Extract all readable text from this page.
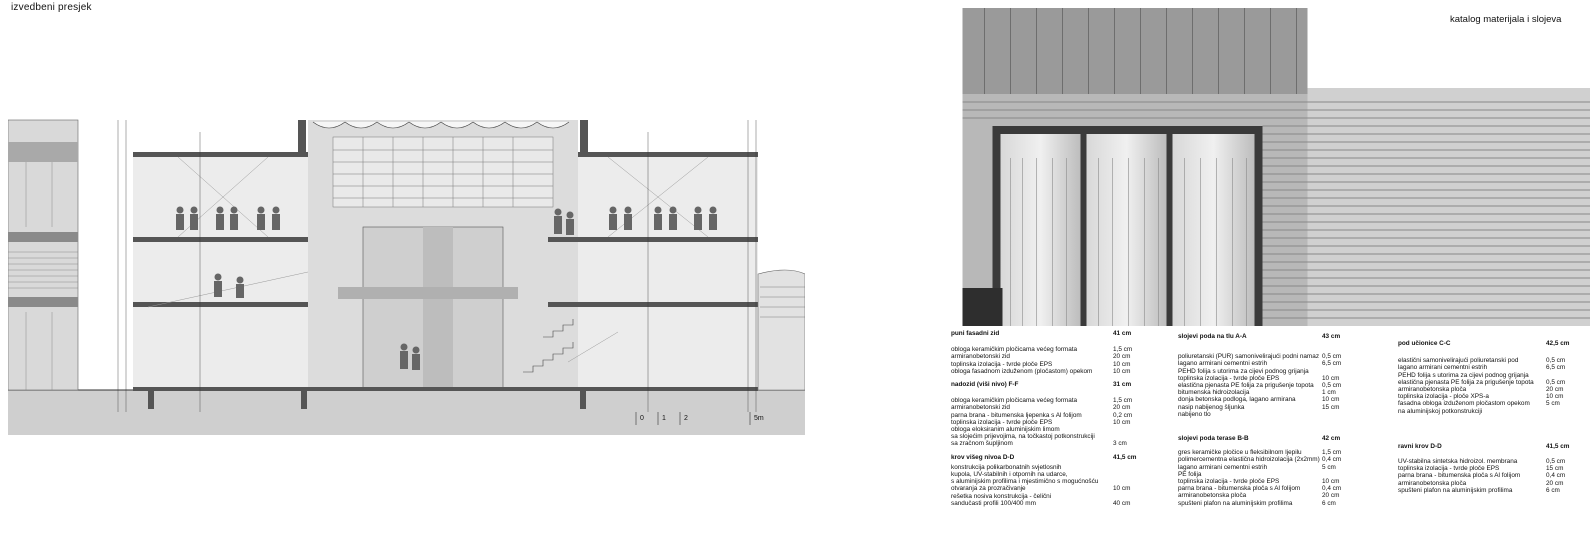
izvedbeni presjek
katalog materijala i slojeva
0	1	2	5m
puni fasadni zid	41 cm
obloga keramičkim pločicama većeg formata	1,5 cm
armiranobetonski zid	20 cm
toplinska izolacija - tvrde ploče EPS	10 cm
obloga fasadnom izduženom (pločastom) opekom	10 cm
nadozid (viši nivo) F-F	31 cm
obloga keramičkim pločicama većeg formata	1,5 cm
armiranobetonski zid	20 cm
parna brana - bitumenska ljepenka s Al folijom	0,2 cm
toplinska izolacija - tvrde ploče EPS	10 cm
obloga eloksiranim aluminijskim limom
sa slojećim prijevojima, na točkastoj potkonstrukciji
sa zračnom šupljinom	3 cm
krov višeg nivoa D-D	41,5 cm
konstrukcija polikarbonatnih svjetlosnih
kupola, UV-stabilnih i otpornih na udarce,
s aluminijskim profilima i mjestimično s mogućnošću
otvaranja za prozračivanje	10 cm
rešetka nosiva konstrukcija - čelični
sandučasti profili 100/400 mm	40 cm
slojevi poda na tlu A-A	43 cm
poliuretanski (PUR) samonivelirajući podni namaz 0,5 cm
lagano armirani cementni estrih	6,5 cm
PEHD folija s utorima za cijevi podnog grijanja
toplinska izolacija - tvrde ploče EPS	10 cm
elastična pjenasta PE folija za prigušenje topota	0,5 cm
bitumenska hidroizolacija	1 cm
donja betonska podloga, lagano armirana	10 cm
nasip nabijenog šljunka	15 cm
nabijeno tlo
slojevi poda terase B-B	42 cm
gres keramičke pločice u fleksibilnom ljepilu	1,5 cm
polimercementna elastična hidroizolacija (2x2mm) 0,4 cm
lagano armirani cementni estrih	5 cm
PE folija
toplinska izolacija - tvrde ploče EPS	10 cm
parna brana - bitumenska ploča s Al folijom	0,4 cm
armiranobetonska ploča	20 cm
spušteni plafon na aluminijskim profilima	6 cm
pod učionice C-C	42,5 cm
elastični samonivelirajući poliuretanski pod	0,5 cm
lagano armirani cementni estrih	6,5 cm
PEHD folija s utorima za cijevi podnog grijanja
elastična pjenasta PE folija za prigušenje topota	0,5 cm
armiranobetonska ploča	20 cm
toplinska izolacija - ploče XPS-a	10 cm
fasadna obloga izduženom pločastom opekom	5 cm
na aluminijskoj potkonstrukciji
ravni krov D-D	41,5 cm
UV-stabilna sintetska hidroizol. membrana	0,5 cm
toplinska izolacija - tvrde ploče EPS	15 cm
parna brana - bitumenska ploča s Al folijom	0,4 cm
armiranobetonska ploča	20 cm
spušteni plafon na aluminijskim profilima	6 cm
